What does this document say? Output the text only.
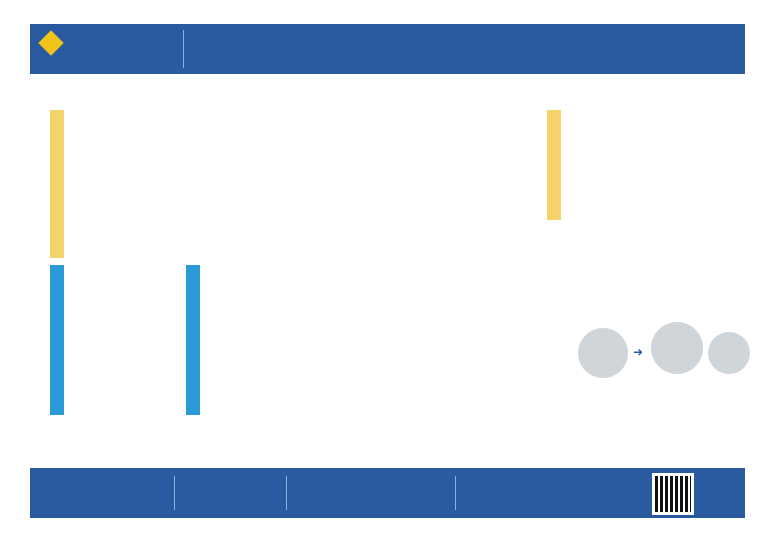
➜
